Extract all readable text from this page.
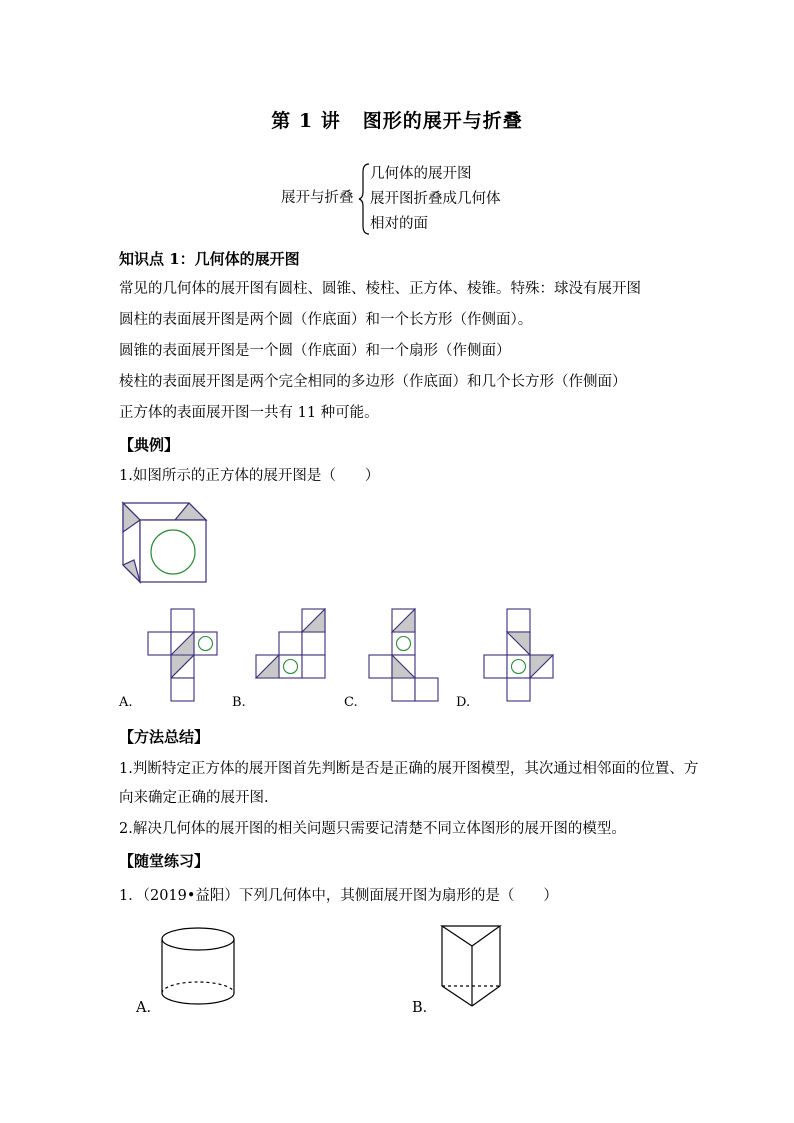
第 1 讲 图形的展开与折叠
展开与折叠
几何体的展开图
展开图折叠成几何体
相对的面
知识点 1：几何体的展开图
常见的几何体的展开图有圆柱、圆锥、棱柱、正方体、棱锥。特殊：球没有展开图
圆柱的表面展开图是两个圆（作底面）和一个长方形（作侧面）。
圆锥的表面展开图是一个圆（作底面）和一个扇形（作侧面）
棱柱的表面展开图是两个完全相同的多边形（作底面）和几个长方形（作侧面）
正方体的表面展开图一共有 11 种可能。
【典例】
1.如图所示的正方体的展开图是（　　）
A.	B.	C.	D.
【方法总结】
1.判断特定正方体的展开图首先判断是否是正确的展开图模型，其次通过相邻面的位置、方
向来确定正确的展开图.
2.解决几何体的展开图的相关问题只需要记清楚不同立体图形的展开图的模型。
【随堂练习】
1．（2019•益阳）下列几何体中，其侧面展开图为扇形的是（　　）
A．	B．
